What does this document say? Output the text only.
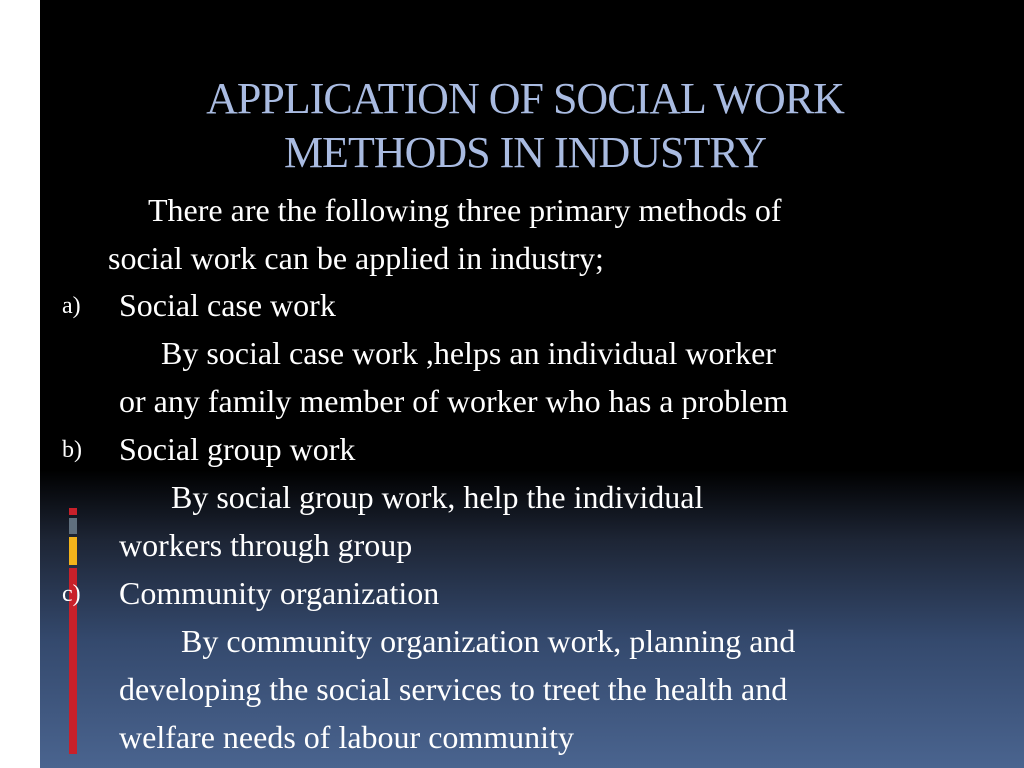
APPLICATION OF SOCIAL WORK
METHODS IN INDUSTRY
There are the following three primary methods of
social work can be applied in industry;
a) Social case work
By social case work ,helps an individual worker
or any family member of worker who has a problem
b) Social group work
By social group work, help the individual
workers through group
c) Community organization
By community organization work, planning and
developing the social services to treet the health and
welfare needs of labour community
